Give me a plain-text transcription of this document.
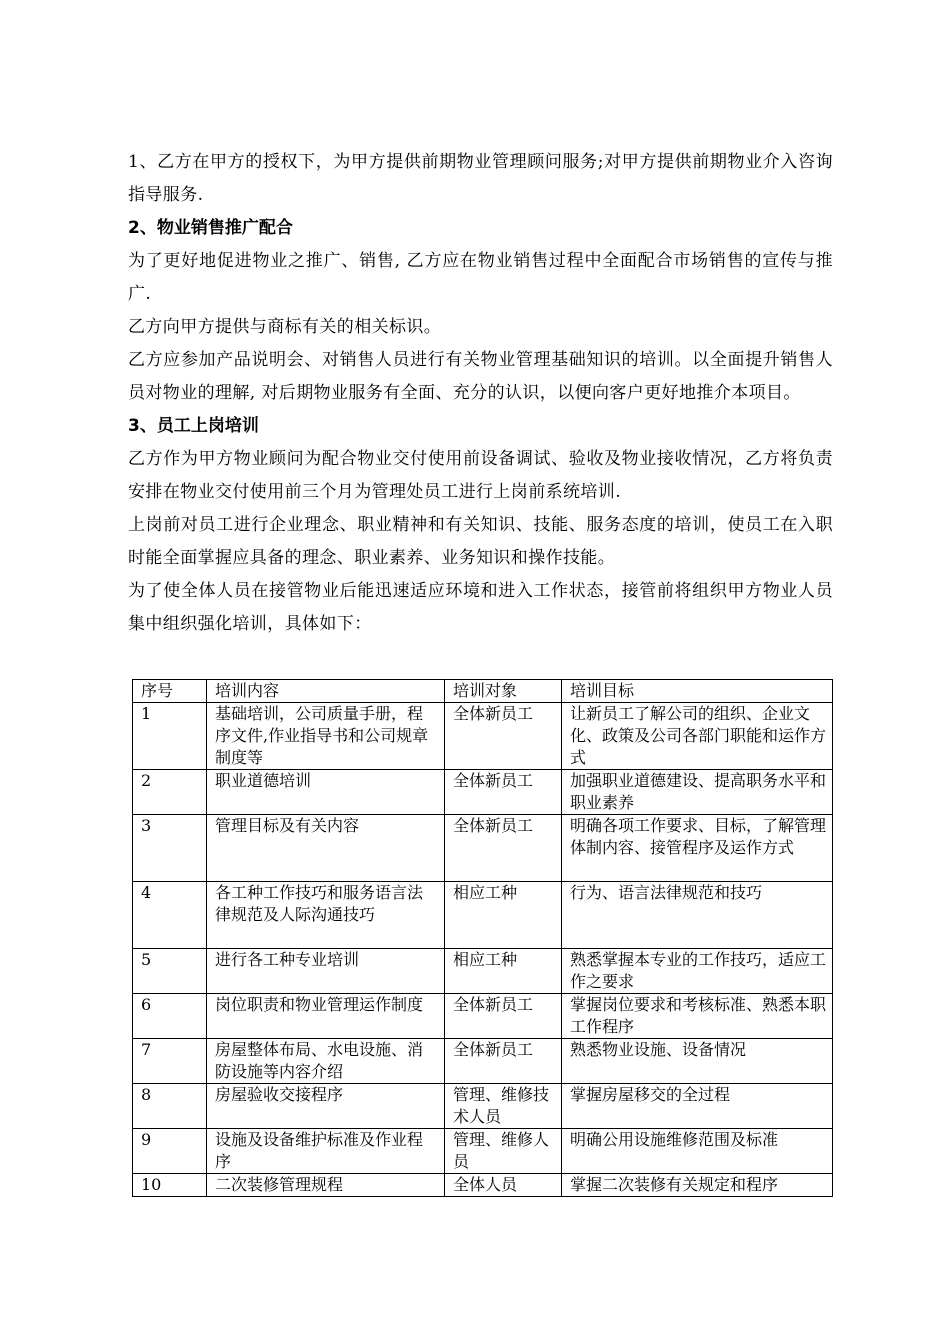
1、乙方在甲方的授权下，为甲方提供前期物业管理顾问服务;对甲方提供前期物业介入咨询指导服务.

2、物业销售推广配合

为了更好地促进物业之推广、销售, 乙方应在物业销售过程中全面配合市场销售的宣传与推广.

乙方向甲方提供与商标有关的相关标识。

乙方应参加产品说明会、对销售人员进行有关物业管理基础知识的培训。以全面提升销售人员对物业的理解, 对后期物业服务有全面、充分的认识，以便向客户更好地推介本项目。

3、员工上岗培训

乙方作为甲方物业顾问为配合物业交付使用前设备调试、验收及物业接收情况，乙方将负责安排在物业交付使用前三个月为管理处员工进行上岗前系统培训.

上岗前对员工进行企业理念、职业精神和有关知识、技能、服务态度的培训，使员工在入职时能全面掌握应具备的理念、职业素养、业务知识和操作技能。

为了使全体人员在接管物业后能迅速适应环境和进入工作状态，接管前将组织甲方物业人员集中组织强化培训，具体如下：

序号	培训内容	培训对象	培训目标
1	基础培训，公司质量手册，程序文件,作业指导书和公司规章制度等	全体新员工	让新员工了解公司的组织、企业文化、政策及公司各部门职能和运作方式
2	职业道德培训	全体新员工	加强职业道德建设、提高职务水平和职业素养
3	管理目标及有关内容	全体新员工	明确各项工作要求、目标，了解管理体制内容、接管程序及运作方式
4	各工种工作技巧和服务语言法律规范及人际沟通技巧	相应工种	行为、语言法律规范和技巧
5	进行各工种专业培训	相应工种	熟悉掌握本专业的工作技巧，适应工作之要求
6	岗位职责和物业管理运作制度	全体新员工	掌握岗位要求和考核标准、熟悉本职工作程序
7	房屋整体布局、水电设施、消防设施等内容介绍	全体新员工	熟悉物业设施、设备情况
8	房屋验收交接程序	管理、维修技术人员	掌握房屋移交的全过程
9	设施及设备维护标准及作业程序	管理、维修人员	明确公用设施维修范围及标准
10	二次装修管理规程	全体人员	掌握二次装修有关规定和程序
